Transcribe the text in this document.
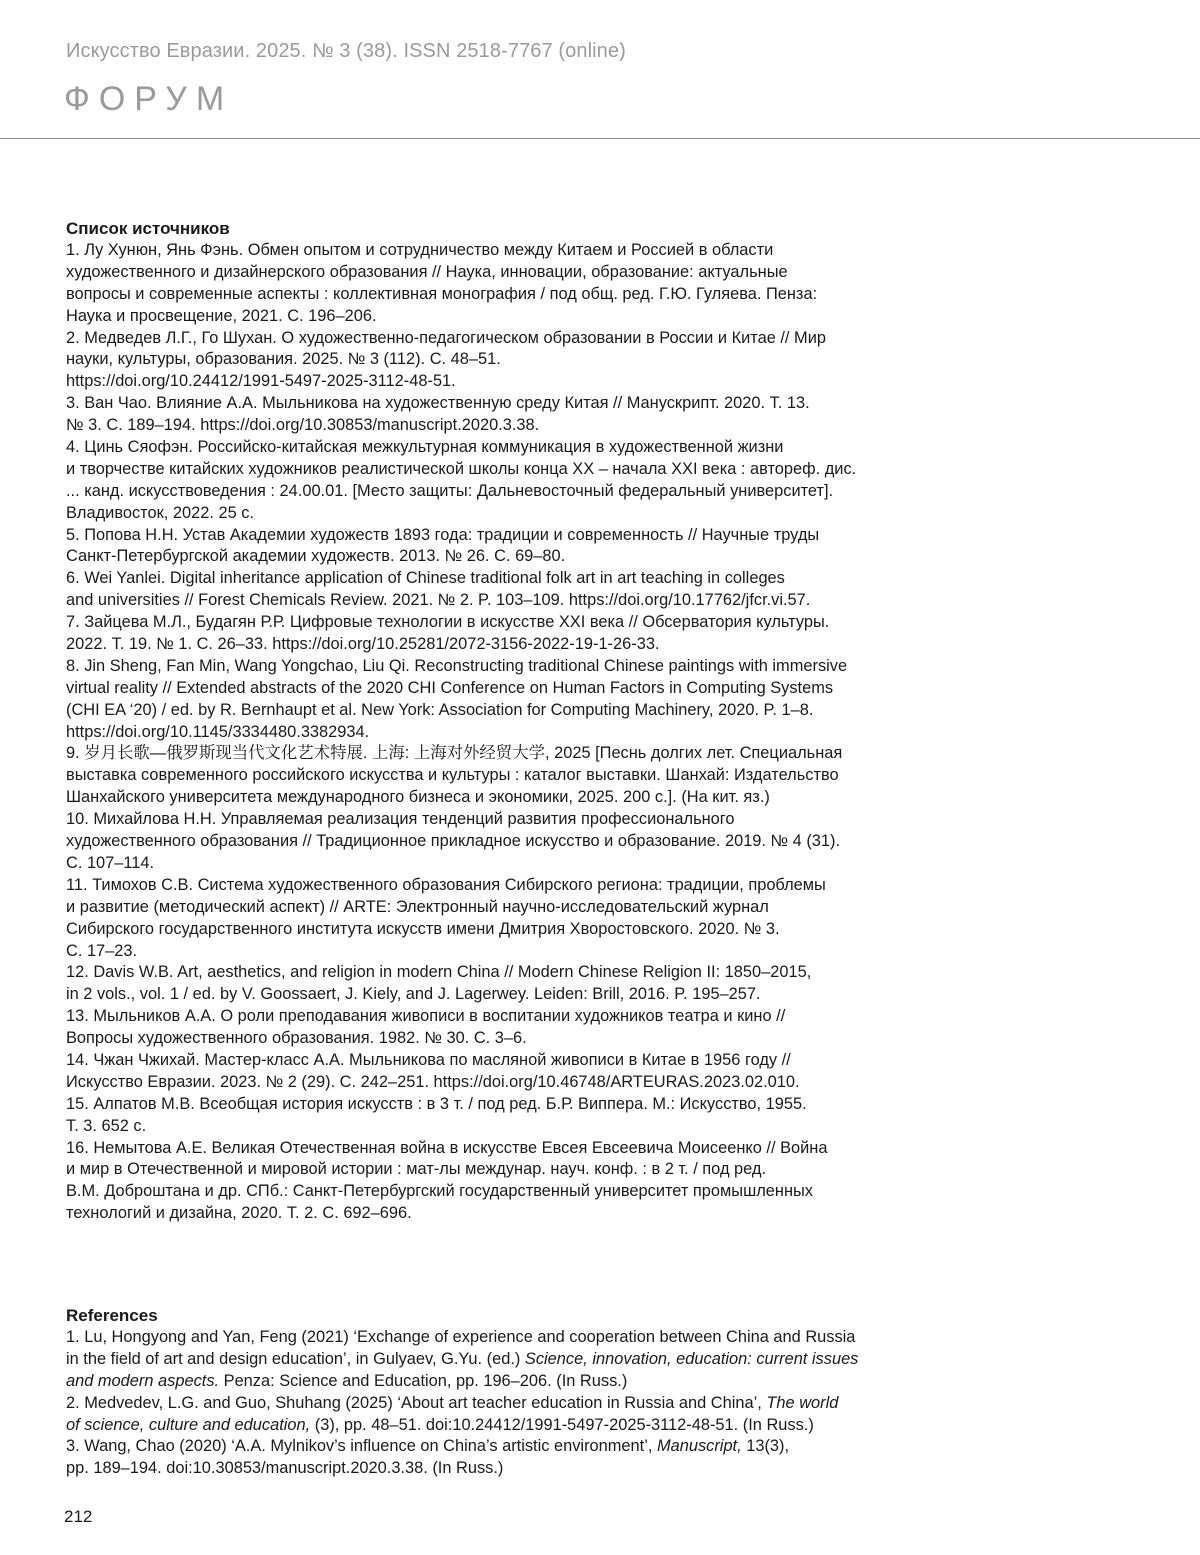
Искусство Евразии. 2025. № 3 (38). ISSN 2518-7767 (online)
ФОРУМ
Список источников
1. Лу Хунюн, Янь Фэнь. Обмен опытом и сотрудничество между Китаем и Россией в области
художественного и дизайнерского образования // Наука, инновации, образование: актуальные
вопросы и современные аспекты : коллективная монография / под общ. ред. Г.Ю. Гуляева. Пенза:
Наука и просвещение, 2021. С. 196–206.
2. Медведев Л.Г., Го Шухан. О художественно-педагогическом образовании в России и Китае // Мир
науки, культуры, образования. 2025. № 3 (112). С. 48–51.
https://doi.org/10.24412/1991-5497-2025-3112-48-51.
3. Ван Чао. Влияние А.А. Мыльникова на художественную среду Китая // Манускрипт. 2020. Т. 13.
№ 3. С. 189–194. https://doi.org/10.30853/manuscript.2020.3.38.
4. Цинь Сяофэн. Российско-китайская межкультурная коммуникация в художественной жизни
и творчестве китайских художников реалистической школы конца XX – начала XXI века : автореф. дис.
... канд. искусствоведения : 24.00.01. [Место защиты: Дальневосточный федеральный университет].
Владивосток, 2022. 25 с.
5. Попова Н.Н. Устав Академии художеств 1893 года: традиции и современность // Научные труды
Санкт-Петербургской академии художеств. 2013. № 26. С. 69–80.
6. Wei Yanlei. Digital inheritance application of Chinese traditional folk art in art teaching in colleges
and universities // Forest Chemicals Review. 2021. № 2. P. 103–109. https://doi.org/10.17762/jfcr.vi.57.
7. Зайцева М.Л., Будагян Р.Р. Цифровые технологии в искусстве XXI века // Обсерватория культуры.
2022. Т. 19. № 1. С. 26–33. https://doi.org/10.25281/2072-3156-2022-19-1-26-33.
8. Jin Sheng, Fan Min, Wang Yongchao, Liu Qi. Reconstructing traditional Chinese paintings with immersive
virtual reality // Extended abstracts of the 2020 CHI Conference on Human Factors in Computing Systems
(CHI EA ‘20) / ed. by R. Bernhaupt et al. New York: Association for Computing Machinery, 2020. P. 1–8.
https://doi.org/10.1145/3334480.3382934.
9. 岁月长歌—俄罗斯现当代文化艺术特展. 上海: 上海对外经贸大学, 2025 [Песнь долгих лет. Специальная
выставка современного российского искусства и культуры : каталог выставки. Шанхай: Издательство
Шанхайского университета международного бизнеса и экономики, 2025. 200 с.]. (На кит. яз.)
10. Михайлова Н.Н. Управляемая реализация тенденций развития профессионального
художественного образования // Традиционное прикладное искусство и образование. 2019. № 4 (31).
С. 107–114.
11. Тимохов С.В. Система художественного образования Сибирского региона: традиции, проблемы
и развитие (методический аспект) // ARTE: Электронный научно-исследовательский журнал
Сибирского государственного института искусств имени Дмитрия Хворостовского. 2020. № 3.
С. 17–23.
12. Davis W.B. Art, aesthetics, and religion in modern China // Modern Chinese Religion II: 1850–2015,
in 2 vols., vol. 1 / ed. by V. Goossaert, J. Kiely, and J. Lagerwey. Leiden: Brill, 2016. P. 195–257.
13. Мыльников А.А. О роли преподавания живописи в воспитании художников театра и кино //
Вопросы художественного образования. 1982. № 30. С. 3–6.
14. Чжан Чжихай. Мастер-класс А.А. Мыльникова по масляной живописи в Китае в 1956 году //
Искусство Евразии. 2023. № 2 (29). С. 242–251. https://doi.org/10.46748/ARTEURAS.2023.02.010.
15. Алпатов М.В. Всеобщая история искусств : в 3 т. / под ред. Б.Р. Виппера. М.: Искусство, 1955.
Т. 3. 652 с.
16. Немытова А.Е. Великая Отечественная война в искусстве Евсея Евсеевича Моисеенко // Война
и мир в Отечественной и мировой истории : мат-лы междунар. науч. конф. : в 2 т. / под ред.
В.М. Доброштана и др. СПб.: Санкт-Петербургский государственный университет промышленных
технологий и дизайна, 2020. Т. 2. С. 692–696.
References
1. Lu, Hongyong and Yan, Feng (2021) ‘Exchange of experience and cooperation between China and Russia
in the field of art and design education’, in Gulyaev, G.Yu. (ed.) Science, innovation, education: current issues
and modern aspects. Penza: Science and Education, pp. 196–206. (In Russ.)
2. Medvedev, L.G. and Guo, Shuhang (2025) ‘About art teacher education in Russia and China’, The world
of science, culture and education, (3), pp. 48–51. doi:10.24412/1991-5497-2025-3112-48-51. (In Russ.)
3. Wang, Chao (2020) ‘A.A. Mylnikov’s influence on China’s artistic environment’, Manuscript, 13(3),
pp. 189–194. doi:10.30853/manuscript.2020.3.38. (In Russ.)
212
